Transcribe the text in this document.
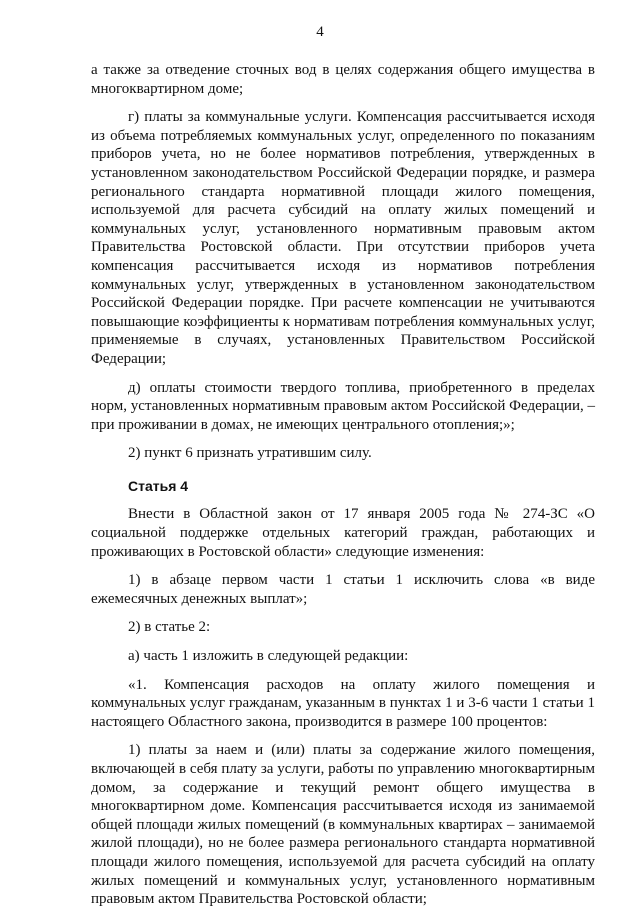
4

а также за отведение сточных вод в целях содержания общего имущества в многоквартирном доме;

г) платы за коммунальные услуги. Компенсация рассчитывается исходя из объема потребляемых коммунальных услуг, определенного по показаниям приборов учета, но не более нормативов потребления, утвержденных в установленном законодательством Российской Федерации порядке, и размера регионального стандарта нормативной площади жилого помещения, используемой для расчета субсидий на оплату жилых помещений и коммунальных услуг, установленного нормативным правовым актом Правительства Ростовской области. При отсутствии приборов учета компенсация рассчитывается исходя из нормативов потребления коммунальных услуг, утвержденных в установленном законодательством Российской Федерации порядке. При расчете компенсации не учитываются повышающие коэффициенты к нормативам потребления коммунальных услуг, применяемые в случаях, установленных Правительством Российской Федерации;

д) оплаты стоимости твердого топлива, приобретенного в пределах норм, установленных нормативным правовым актом Российской Федерации, – при проживании в домах, не имеющих центрального отопления;»;

2) пункт 6 признать утратившим силу.

Статья 4

Внести в Областной закон от 17 января 2005 года № 274-ЗС «О социальной поддержке отдельных категорий граждан, работающих и проживающих в Ростовской области» следующие изменения:

1) в абзаце первом части 1 статьи 1 исключить слова «в виде ежемесячных денежных выплат»;

2) в статье 2:

а) часть 1 изложить в следующей редакции:

«1. Компенсация расходов на оплату жилого помещения и коммунальных услуг гражданам, указанным в пунктах 1 и 3-6 части 1 статьи 1 настоящего Областного закона, производится в размере 100 процентов:

1) платы за наем и (или) платы за содержание жилого помещения, включающей в себя плату за услуги, работы по управлению многоквартирным домом, за содержание и текущий ремонт общего имущества в многоквартирном доме. Компенсация рассчитывается исходя из занимаемой общей площади жилых помещений (в коммунальных квартирах – занимаемой жилой площади), но не более размера регионального стандарта нормативной площади жилого помещения, используемой для расчета субсидий на оплату жилых помещений и коммунальных услуг, установленного нормативным правовым актом Правительства Ростовской области;
